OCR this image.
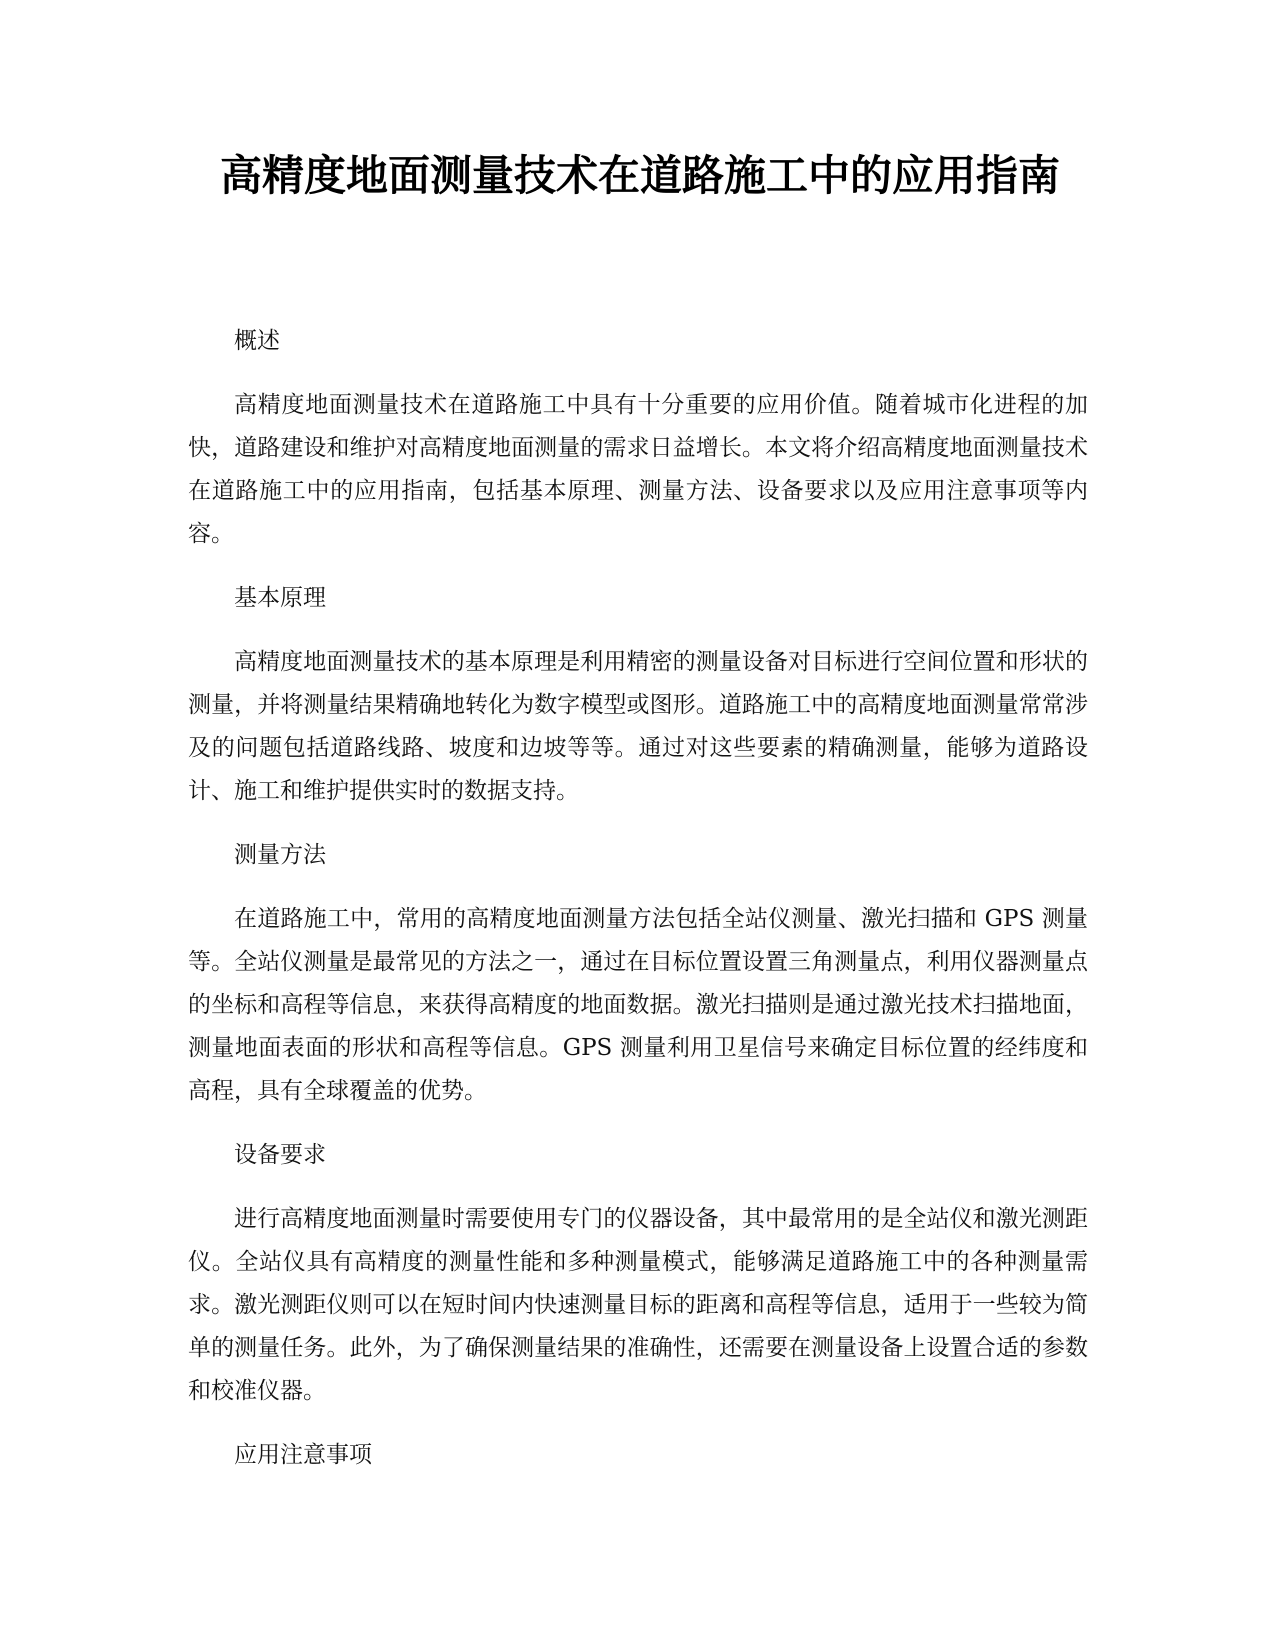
高精度地面测量技术在道路施工中的应用指南

概述

高精度地面测量技术在道路施工中具有十分重要的应用价值。随着城市化进程的加快，道路建设和维护对高精度地面测量的需求日益增长。本文将介绍高精度地面测量技术在道路施工中的应用指南，包括基本原理、测量方法、设备要求以及应用注意事项等内容。

基本原理

高精度地面测量技术的基本原理是利用精密的测量设备对目标进行空间位置和形状的测量，并将测量结果精确地转化为数字模型或图形。道路施工中的高精度地面测量常常涉及的问题包括道路线路、坡度和边坡等等。通过对这些要素的精确测量，能够为道路设计、施工和维护提供实时的数据支持。

测量方法

在道路施工中，常用的高精度地面测量方法包括全站仪测量、激光扫描和 GPS 测量等。全站仪测量是最常见的方法之一，通过在目标位置设置三角测量点，利用仪器测量点的坐标和高程等信息，来获得高精度的地面数据。激光扫描则是通过激光技术扫描地面，测量地面表面的形状和高程等信息。GPS 测量利用卫星信号来确定目标位置的经纬度和高程，具有全球覆盖的优势。

设备要求

进行高精度地面测量时需要使用专门的仪器设备，其中最常用的是全站仪和激光测距仪。全站仪具有高精度的测量性能和多种测量模式，能够满足道路施工中的各种测量需求。激光测距仪则可以在短时间内快速测量目标的距离和高程等信息，适用于一些较为简单的测量任务。此外，为了确保测量结果的准确性，还需要在测量设备上设置合适的参数和校准仪器。

应用注意事项
